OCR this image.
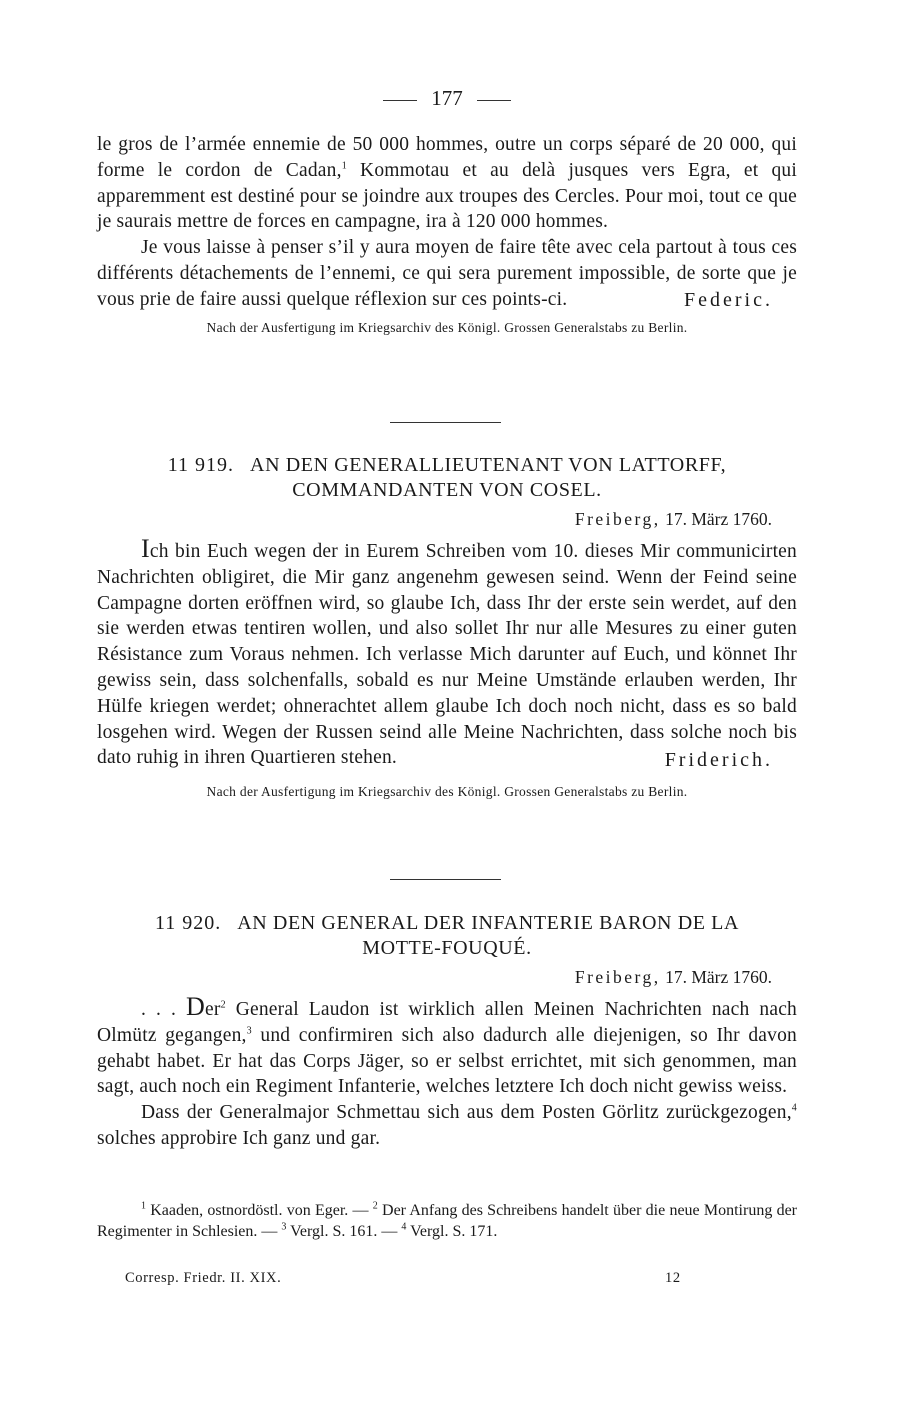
177

le gros de l’armée ennemie de 50 000 hommes, outre un corps séparé de 20 000, qui forme le cordon de Cadan,$^1$ Kommotau et au delà jusques vers Egra, et qui apparemment est destiné pour se joindre aux troupes des Cercles. Pour moi, tout ce que je saurais mettre de forces en campagne, ira à 120 000 hommes.

Je vous laisse à penser s’il y aura moyen de faire tête avec cela partout à tous ces différents détachements de l’ennemi, ce qui sera purement impossible, de sorte que je vous prie de faire aussi quelque réflexion sur ces points-ci.	Federic.

Nach der Ausfertigung im Kriegsarchiv des Königl. Grossen Generalstabs zu Berlin.

11 919. AN DEN GENERALLIEUTENANT VON LATTORFF,
COMMANDANTEN VON COSEL.

Freiberg, 17. März 1760.

Ich bin Euch wegen der in Eurem Schreiben vom 10. dieses Mir communicirten Nachrichten obligiret, die Mir ganz angenehm gewesen seind. Wenn der Feind seine Campagne dorten eröffnen wird, so glaube Ich, dass Ihr der erste sein werdet, auf den sie werden etwas tentiren wollen, und also sollet Ihr nur alle Mesures zu einer guten Résistance zum Voraus nehmen. Ich verlasse Mich darunter auf Euch, und könnet Ihr gewiss sein, dass solchenfalls, sobald es nur Meine Umstände erlauben werden, Ihr Hülfe kriegen werdet; ohnerachtet allem glaube Ich doch noch nicht, dass es so bald losgehen wird. Wegen der Russen seind alle Meine Nachrichten, dass solche noch bis dato ruhig in ihren Quartieren stehen.	Friderich.

Nach der Ausfertigung im Kriegsarchiv des Königl. Grossen Generalstabs zu Berlin.

11 920. AN DEN GENERAL DER INFANTERIE BARON DE LA
MOTTE-FOUQUÉ.

Freiberg, 17. März 1760.

. . . Der$^2$ General Laudon ist wirklich allen Meinen Nachrichten nach nach Olmütz gegangen,$^3$ und confirmiren sich also dadurch alle diejenigen, so Ihr davon gehabt habet. Er hat das Corps Jäger, so er selbst errichtet, mit sich genommen, man sagt, auch noch ein Regiment Infanterie, welches letztere Ich doch nicht gewiss weiss.

Dass der Generalmajor Schmettau sich aus dem Posten Görlitz zurückgezogen,$^4$ solches approbire Ich ganz und gar.

$^1$ Kaaden, ostnordöstl. von Eger. — $^2$ Der Anfang des Schreibens handelt über die neue Montirung der Regimenter in Schlesien. — $^3$ Vergl. S. 161. — $^4$ Vergl. S. 171.

Corresp. Friedr. II. XIX.	12
